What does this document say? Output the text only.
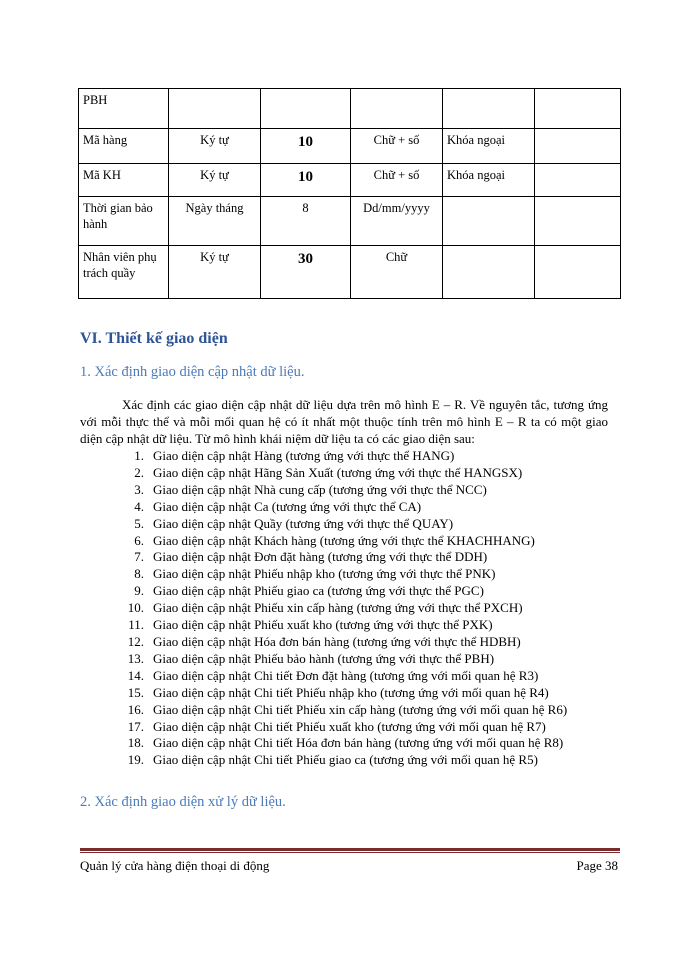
PBH					
Mã hàng	Ký tự	10	Chữ + số	Khóa ngoại	
Mã KH	Ký tự	10	Chữ + số	Khóa ngoại	
Thời gian bảo hành	Ngày tháng	8	Dd/mm/yyyy		
Nhân viên phụ trách quầy	Ký tự	30	Chữ		
VI. Thiết kế giao diện
1. Xác định giao diện cập nhật dữ liệu.
Xác định các giao diện cập nhật dữ liệu dựa trên mô hình E – R. Về nguyên tắc, tương ứng với mỗi thực thể và mỗi mối quan hệ có ít nhất một thuộc tính trên mô hình E – R ta có một giao diện cập nhật dữ liệu. Từ mô hình khái niệm dữ liệu ta có các giao diện sau:
1. Giao diện cập nhật Hàng (tương ứng với thực thể HANG)
2. Giao diện cập nhật Hãng Sản Xuất (tương ứng với thực thể HANGSX)
3. Giao diện cập nhật Nhà cung cấp (tương ứng với thực thể NCC)
4. Giao diện cập nhật Ca (tương ứng với thực thể CA)
5. Giao diện cập nhật Quầy (tương ứng với thực thể QUAY)
6. Giao diện cập nhật Khách hàng (tương ứng với thực thể KHACHHANG)
7. Giao diện cập nhật Đơn đặt hàng (tương ứng với thực thể DDH)
8. Giao diện cập nhật Phiếu nhập kho (tương ứng với thực thể PNK)
9. Giao diện cập nhật Phiếu giao ca (tương ứng với thực thể PGC)
10. Giao diện cập nhật Phiếu xin cấp hàng (tương ứng với thực thể PXCH)
11. Giao diện cập nhật Phiếu xuất kho (tương ứng với thực thể PXK)
12. Giao diện cập nhật Hóa đơn bán hàng (tương ứng với thực thể HDBH)
13. Giao diện cập nhật Phiếu bảo hành (tương ứng với thực thể PBH)
14. Giao diện cập nhật Chi tiết Đơn đặt hàng (tương ứng với mối quan hệ R3)
15. Giao diện cập nhật Chi tiết Phiếu nhập kho (tương ứng với mối quan hệ R4)
16. Giao diện cập nhật Chi tiết Phiếu xin cấp hàng (tương ứng với mối quan hệ R6)
17. Giao diện cập nhật Chi tiết Phiếu xuất kho (tương ứng với mối quan hệ R7)
18. Giao diện cập nhật Chi tiết Hóa đơn bán hàng (tương ứng với mối quan hệ R8)
19. Giao diện cập nhật Chi tiết Phiếu giao ca (tương ứng với mối quan hệ R5)
2. Xác định giao diện xử lý dữ liệu.
Quản lý cửa hàng điện thoại di động	Page 38
